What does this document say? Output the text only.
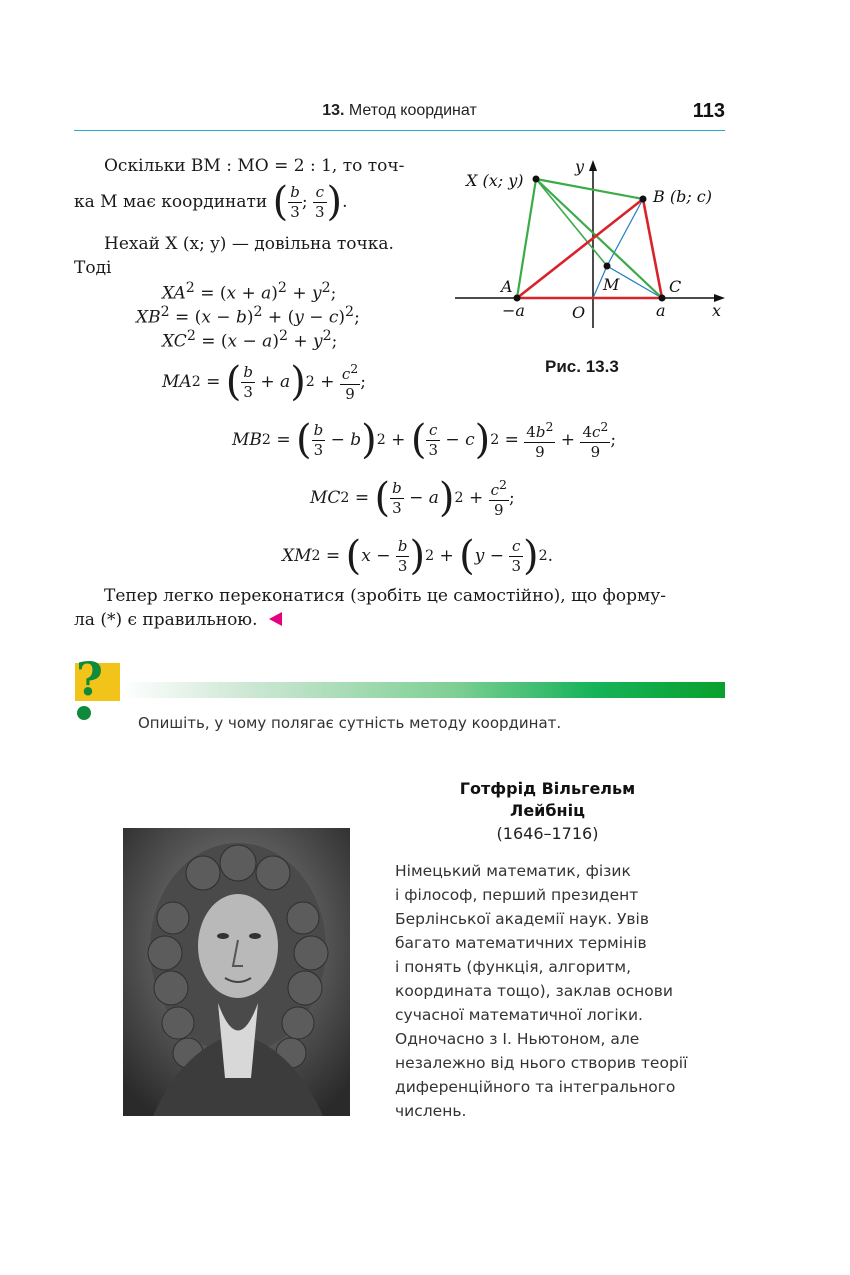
13. Метод координат	113
Оскільки BM : MO = 2 : 1, то точ-
ка M має координати
( $\frac{b}{3}$ ; $\frac{c}{3}$ ) .
Нехай X (x; y) — довільна точка.
Тоді
$XA^2 = (x + a)^2 + y^2$;
$XB^2 = (x - b)^2 + (y - c)^2$;
$XC^2 = (x - a)^2 + y^2$;
MA 2 = ( $\frac{b}{3} + a$ ) $2 + \frac{c^2}{9}$ ;
MB 2 = ( $\frac{b}{3} - b$ ) 2 + ( $\frac{c}{3} - c$ ) $2 = \frac{4b^2}{9} + \frac{4c^2}{9}$ ;
MC 2 = ( $\frac{b}{3} - a$ ) $2 + \frac{c^2}{9}$ ;
XM 2 = ( $x - \frac{b}{3}$ ) 2 + ( $y - \frac{c}{3}$ ) 2 .
Тепер легко переконатися (зробіть це самостійно), що форму-
ла (*) є правильною.
X (x; y)
B (b; c)
A	C
M
O
−a	a	x
y
Рис. 13.3
?
Опишіть, у чому полягає сутність методу координат.
Готфрід Вільгельм Лейбніц
(1646–1716)
Німецький математик, фізик
і філософ, перший президент
Берлінської академії наук. Увів
багато математичних термінів
і понять (функція, алгоритм,
координата тощо), заклав основи
сучасної математичної логіки.
Одночасно з І. Ньютоном, але
незалежно від нього створив теорії
диференційного та інтегрального
числень.
